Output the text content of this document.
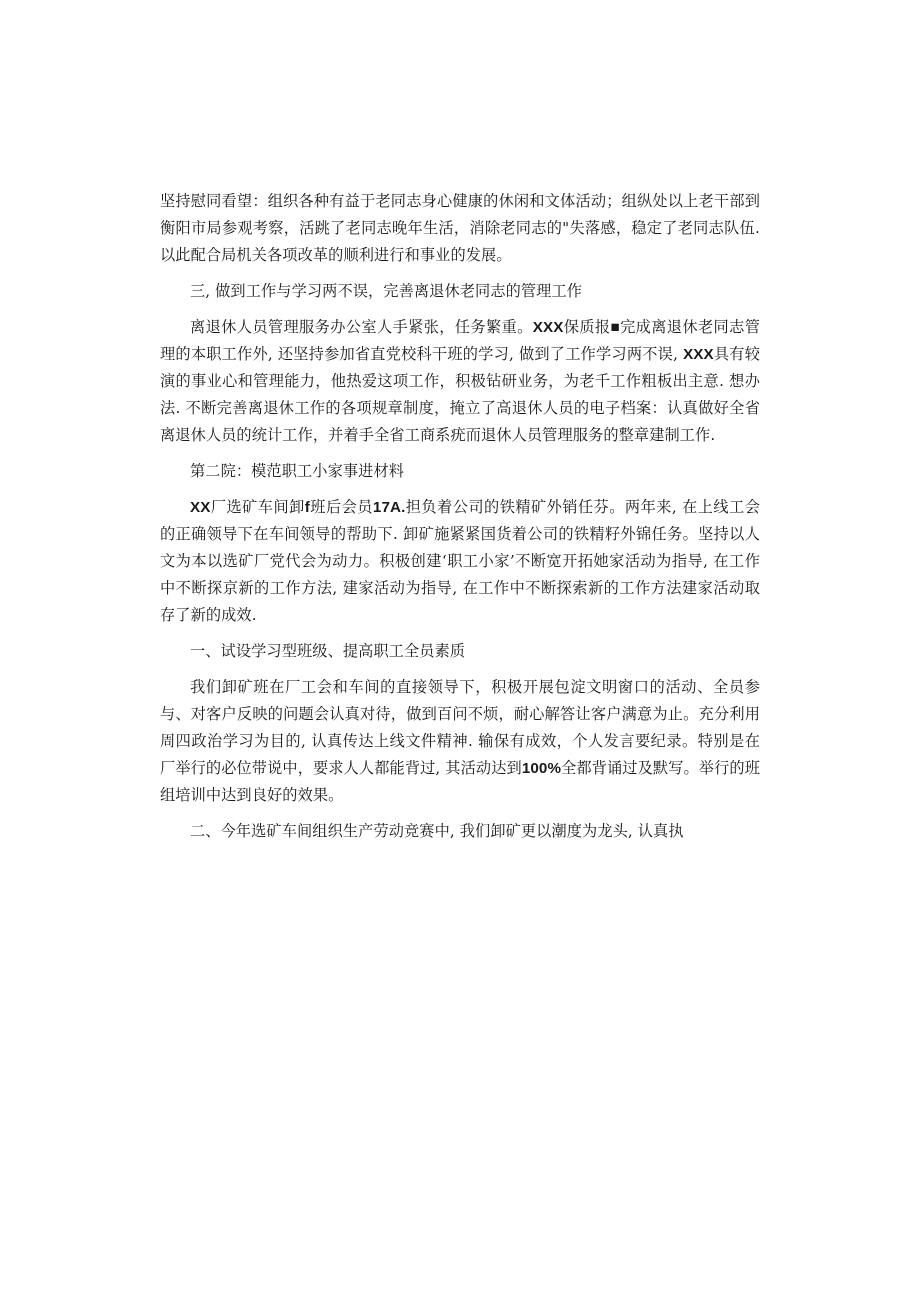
坚持慰同看望：组织各种有益于老同志身心健康的休闲和文体活动；组纵处以上老干部到衡阳市局参观考察，活跳了老同志晚年生活，消除老同志的"失落感，稳定了老同志队伍. 以此配合局机关各项改革的顺利进行和事业的发展。

三, 做到工作与学习两不误，完善离退休老同志的管理工作

离退休人员管理服务办公室人手紧张，任务繁重。XXX保质报■完成离退休老同志管理的本职工作外, 还坚持参加省直党校科干班的学习, 做到了工作学习两不误, XXX具有较演的事业心和管理能力，他热爱这项工作，积极钻研业务，为老千工作粗板出主意. 想办法. 不断完善离退休工作的各项规章制度，掩立了高退休人员的电子档案：认真做好全省离退休人员的统计工作，并着手全省工商系疣而退休人员管理服务的整章建制工作.

第二院：模范职工小家事进材料

XX厂选矿车间卸f班后会员17A.担负着公司的铁精矿外销任芬。两年来, 在上线工会的正确领导下在车间领导的帮助下. 卸矿施紧紧国货着公司的铁精籽外锦任务。坚持以人文为本以选矿厂党代会为动力。积极创建‘职工小家’不断宽开拓她家活动为指导, 在工作中不断探京新的工作方法, 建家活动为指导, 在工作中不断探索新的工作方法建家活动取存了新的成效.

一、试设学习型班级、提高职工全员素质

我们卸矿班在厂工会和车间的直接领导下，积极开展包淀文明窗口的活动、全员参与、对客户反映的问题会认真对待，做到百问不烦，耐心解答让客户满意为止。充分利用周四政治学习为目的, 认真传达上线文件精神. 输保有成效，个人发言要纪录。特别是在厂举行的必位带说中，要求人人都能背过, 其活动达到100%全都背诵过及默写。举行的班组培训中达到良好的效果。

二、今年选矿车间组织生产劳动竞赛中, 我们卸矿更以潮度为龙头, 认真执
